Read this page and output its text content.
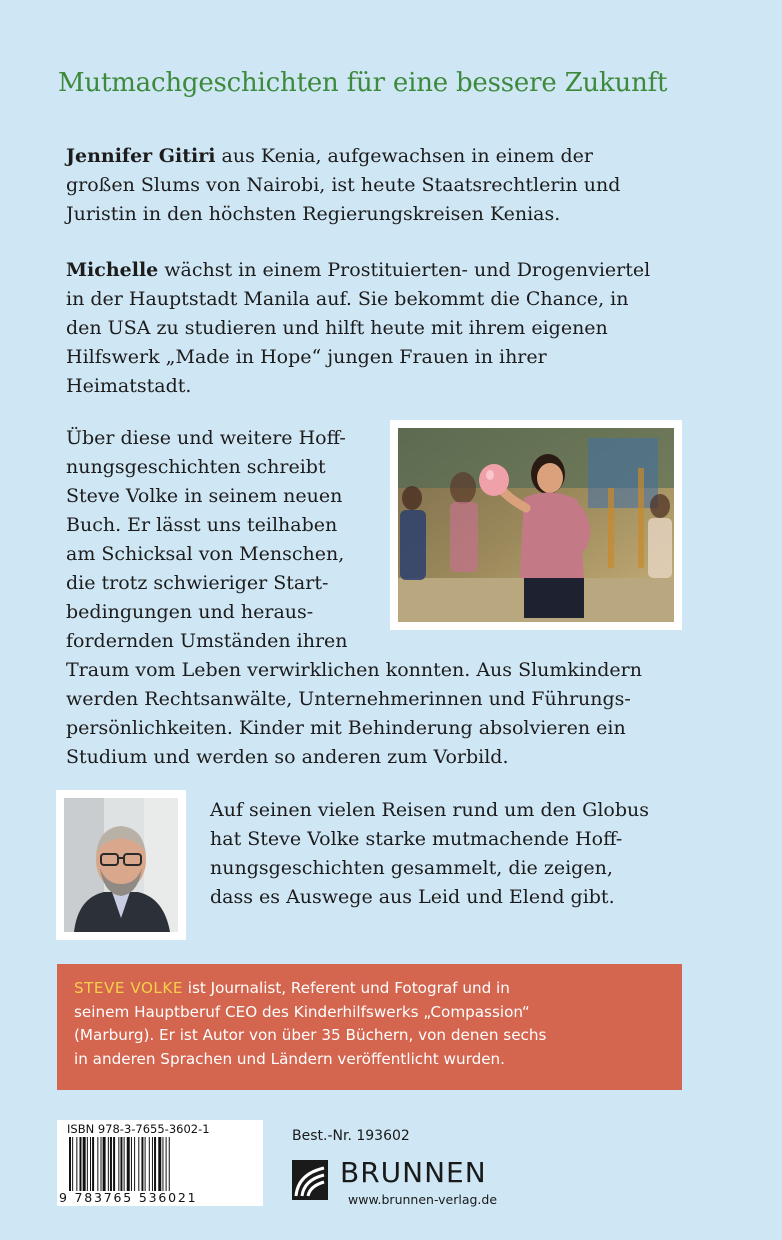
Mutmachgeschichten für eine bessere Zukunft

Jennifer Gitiri aus Kenia, aufgewachsen in einem der großen Slums von Nairobi, ist heute Staatsrechtlerin und Juristin in den höchsten Regierungskreisen Kenias.

Michelle wächst in einem Prostituierten- und Drogenviertel in der Hauptstadt Manila auf. Sie bekommt die Chance, in den USA zu studieren und hilft heute mit ihrem eigenen Hilfswerk „Made in Hope“ jungen Frauen in ihrer Heimatstadt.

Über diese und weitere Hoff-
nungsgeschichten schreibt
Steve Volke in seinem neuen
Buch. Er lässt uns teilhaben
am Schicksal von Menschen,
die trotz schwieriger Start-
bedingungen und heraus-
fordernden Umständen ihren
Traum vom Leben verwirklichen konnten. Aus Slumkindern
werden Rechtsanwälte, Unternehmerinnen und Führungs-
persönlichkeiten. Kinder mit Behinderung absolvieren ein
Studium und werden so anderen zum Vorbild.
Auf seinen vielen Reisen rund um den Globus
hat Steve Volke starke mutmachende Hoff-
nungsgeschichten gesammelt, die zeigen,
dass es Auswege aus Leid und Elend gibt.
STEVE VOLKE ist Journalist, Referent und Fotograf und in
seinem Hauptberuf CEO des Kinderhilfswerks „Compassion“
(Marburg). Er ist Autor von über 35 Büchern, von denen sechs
in anderen Sprachen und Ländern veröffentlicht wurden.
ISBN 978-3-7655-3602-1
9 783765 536021
Best.-Nr. 193602
BRUNNEN
www.brunnen-verlag.de
